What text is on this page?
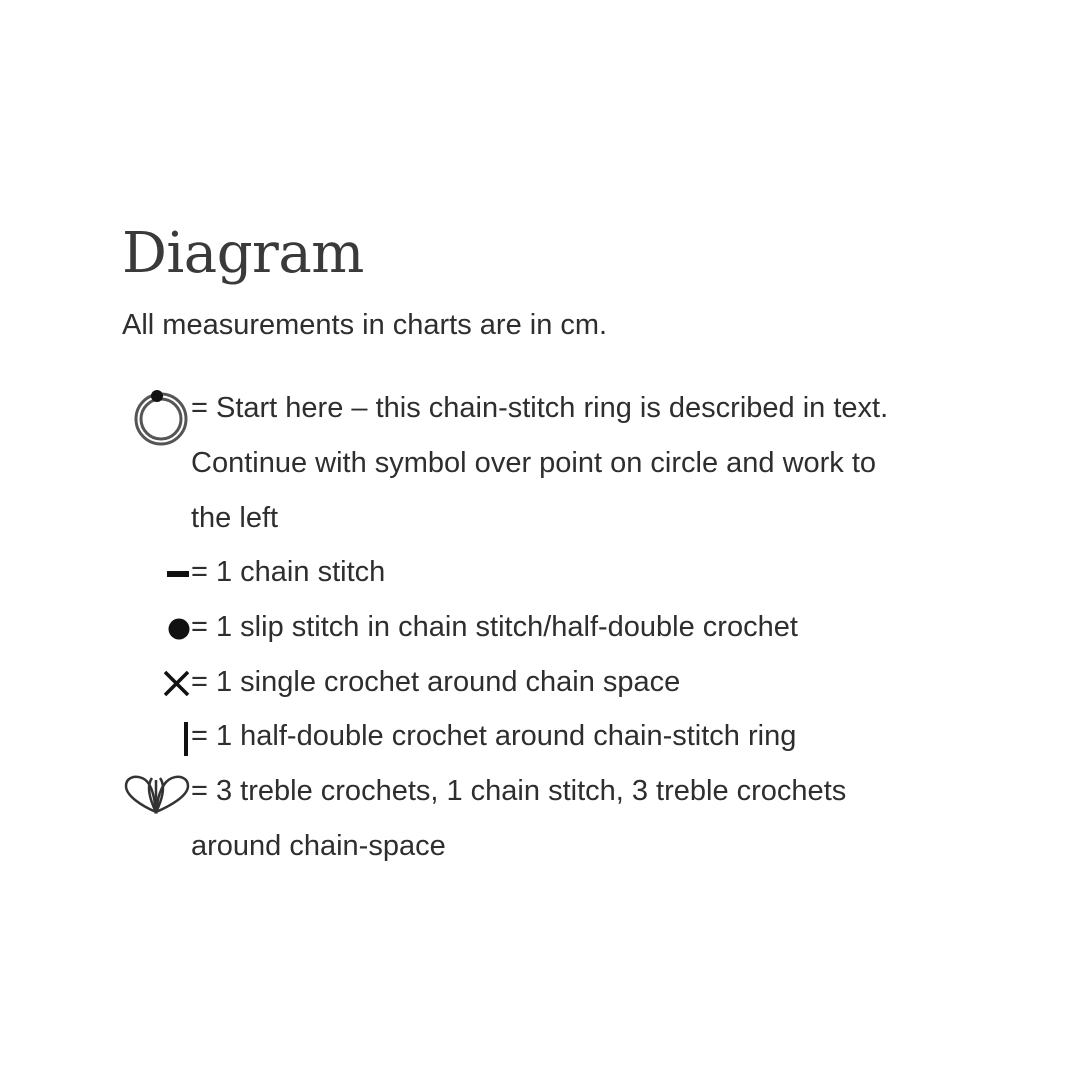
Diagram

All measurements in charts are in cm.

= Start here – this chain-stitch ring is described in text.
Continue with symbol over point on circle and work to
the left
= 1 chain stitch
= 1 slip stitch in chain stitch/half-double crochet
= 1 single crochet around chain space
= 1 half-double crochet around chain-stitch ring
= 3 treble crochets, 1 chain stitch, 3 treble crochets
around chain-space
